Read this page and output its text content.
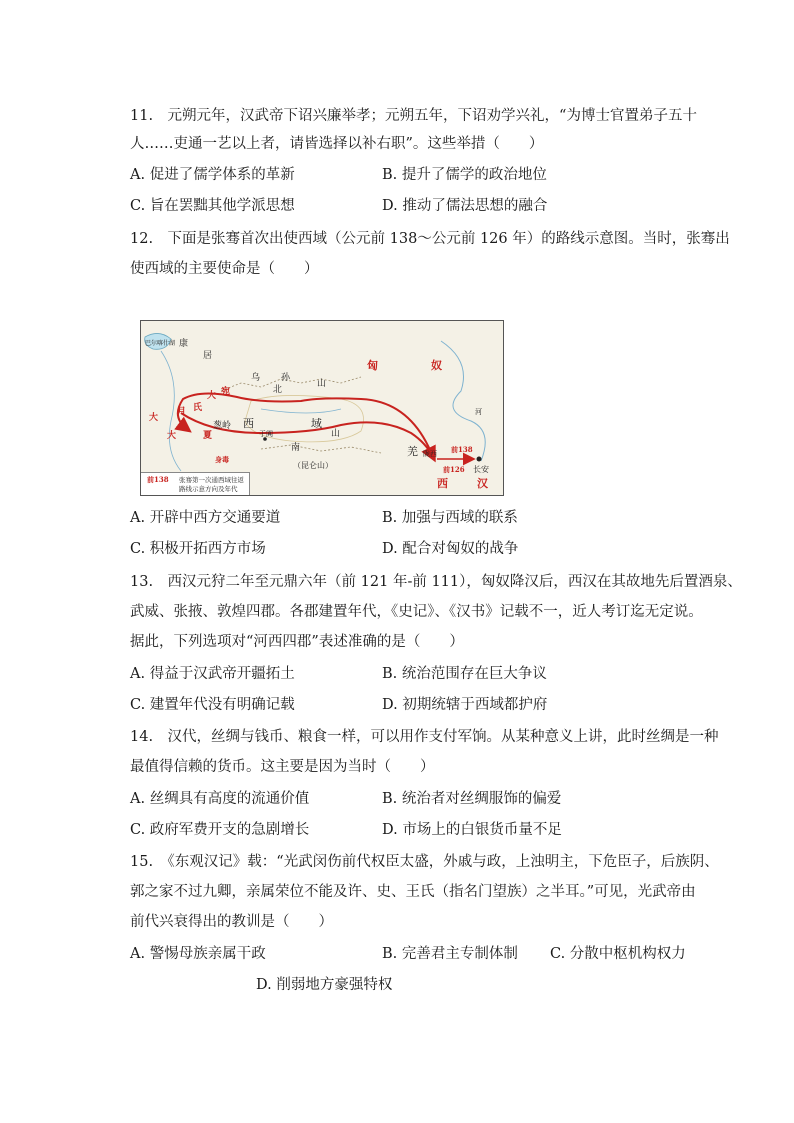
11.　元朔元年，汉武帝下诏兴廉举孝；元朔五年，下诏劝学兴礼，“为博士官置弟子五十
人……吏通一艺以上者，请皆选择以补右职”。这些举措（　　）
A. 促进了儒学体系的革新	B. 提升了儒学的政治地位
C. 旨在罢黜其他学派思想	D. 推动了儒法思想的融合
12.　下面是张骞首次出使西域（公元前 138～公元前 126 年）的路线示意图。当时，张骞出
使西域的主要使命是（　　）
巴尔喀什湖 康
居
乌 孙
北
山
匈	奴
大 宛
大
月 氏
大	夏
葱岭 西	域
于阗
南
山
（昆仑山）
身毒
羌 陇西 前138
前126 长安
西	汉
河
前138 张骞第一次通西域往返
路线示意方向及年代
A. 开辟中西方交通要道	B. 加强与西域的联系
C. 积极开拓西方市场	D. 配合对匈奴的战争
13.　西汉元狩二年至元鼎六年（前 121 年-前 111），匈奴降汉后，西汉在其故地先后置酒泉、
武威、张掖、敦煌四郡。各郡建置年代，《史记》、《汉书》记载不一，近人考订迄无定说。
据此，下列选项对“河西四郡”表述准确的是（　　）
A. 得益于汉武帝开疆拓土	B. 统治范围存在巨大争议
C. 建置年代没有明确记载	D. 初期统辖于西域都护府
14.　汉代，丝绸与钱币、粮食一样，可以用作支付军饷。从某种意义上讲，此时丝绸是一种
最值得信赖的货币。这主要是因为当时（　　）
A. 丝绸具有高度的流通价值	B. 统治者对丝绸服饰的偏爱
C. 政府军费开支的急剧增长	D. 市场上的白银货币量不足
15.　《东观汉记》载：“光武闵伤前代权臣太盛，外戚与政，上浊明主，下危臣子，后族阴、
郭之家不过九卿，亲属荣位不能及许、史、王氏（指名门望族）之半耳。”可见，光武帝由
前代兴衰得出的教训是（　　）
A. 警惕母族亲属干政	B. 完善君主专制体制 C. 分散中枢机构权力
D. 削弱地方豪强特权
